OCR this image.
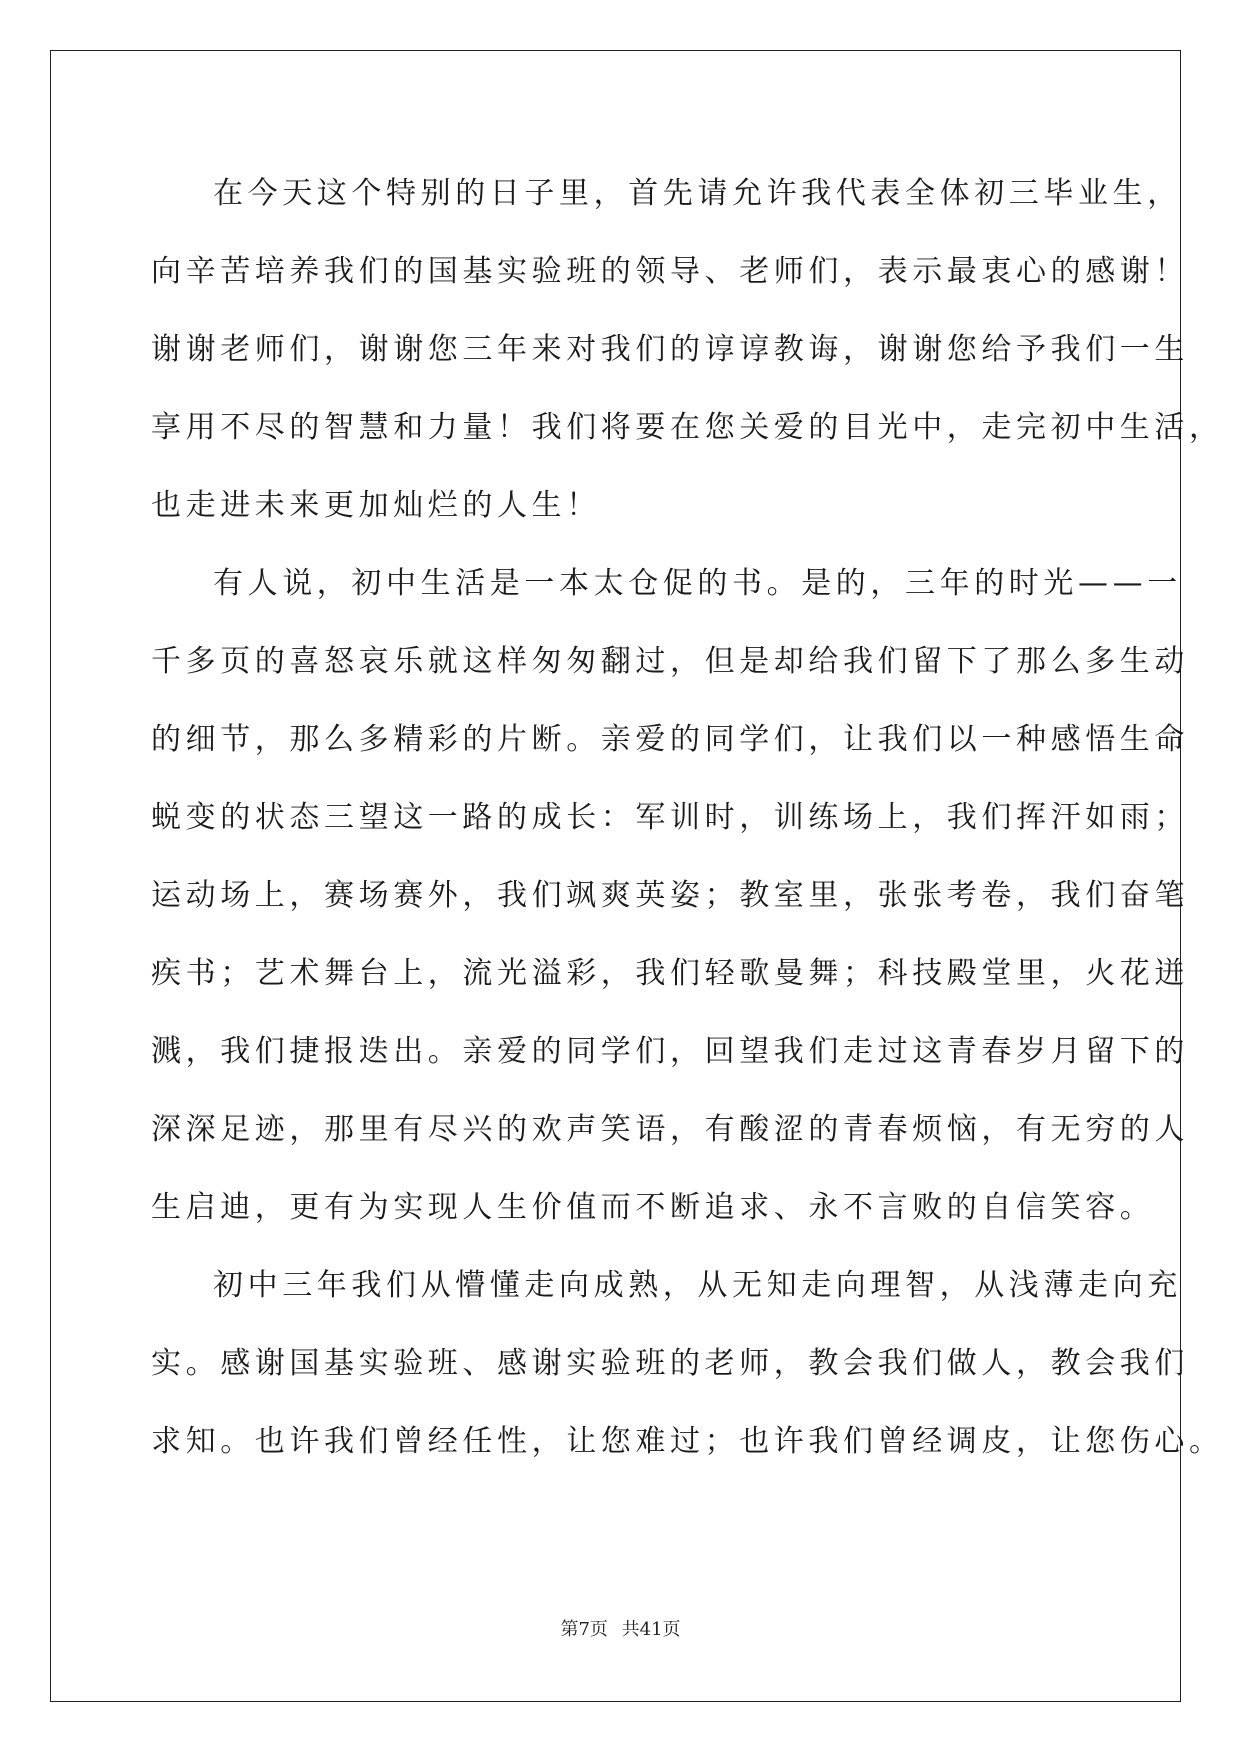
在今天这个特别的日子里，首先请允许我代表全体初三毕业生，
向辛苦培养我们的国基实验班的领导、老师们，表示最衷心的感谢！
谢谢老师们，谢谢您三年来对我们的谆谆教诲，谢谢您给予我们一生
享用不尽的智慧和力量！我们将要在您关爱的目光中，走完初中生活，
也走进未来更加灿烂的人生！
有人说，初中生活是一本太仓促的书。是的，三年的时光——一
千多页的喜怒哀乐就这样匆匆翻过，但是却给我们留下了那么多生动
的细节，那么多精彩的片断。亲爱的同学们，让我们以一种感悟生命
蜕变的状态三望这一路的成长：军训时，训练场上，我们挥汗如雨；
运动场上，赛场赛外，我们飒爽英姿；教室里，张张考卷，我们奋笔
疾书；艺术舞台上，流光溢彩，我们轻歌曼舞；科技殿堂里，火花迸
溅，我们捷报迭出。亲爱的同学们，回望我们走过这青春岁月留下的
深深足迹，那里有尽兴的欢声笑语，有酸涩的青春烦恼，有无穷的人
生启迪，更有为实现人生价值而不断追求、永不言败的自信笑容。
初中三年我们从懵懂走向成熟，从无知走向理智，从浅薄走向充
实。感谢国基实验班、感谢实验班的老师，教会我们做人，教会我们
求知。也许我们曾经任性，让您难过；也许我们曾经调皮，让您伤心。
第7页 共41页
